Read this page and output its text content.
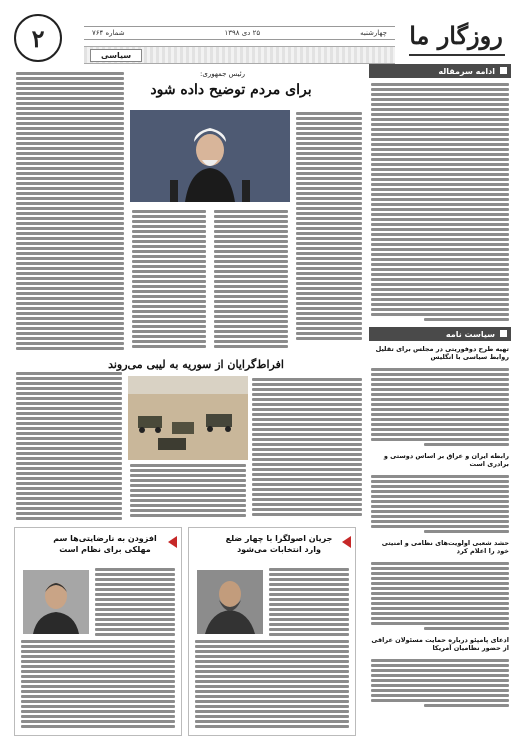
روزگار ما
چهارشنبه
۲۵ دی ۱۳۹۸
شماره ۷۶۴
سیاسی
۲
ادامه سرمقاله
سیاست نامه
تهیه طرح دوفوریتی در مجلس برای تقلیل روابط سیاسی با انگلیس
رابطه ایران و عراق بر اساس دوستی و برادری است
حشد شعبی اولویت‌های نظامی و امنیتی خود را اعلام کرد
ادعای پامپئو درباره حمایت مسئولان عراقی از حضور نظامیان آمریکا
رئیس جمهوری:
برای مردم توضیح داده شود
افراط‌گرایان از سوریه به لیبی می‌روند
افزودن به نارضایتی‌ها سم مهلکی برای نظام است
جریان اصولگرا با چهار ضلع وارد انتخابات می‌شود
